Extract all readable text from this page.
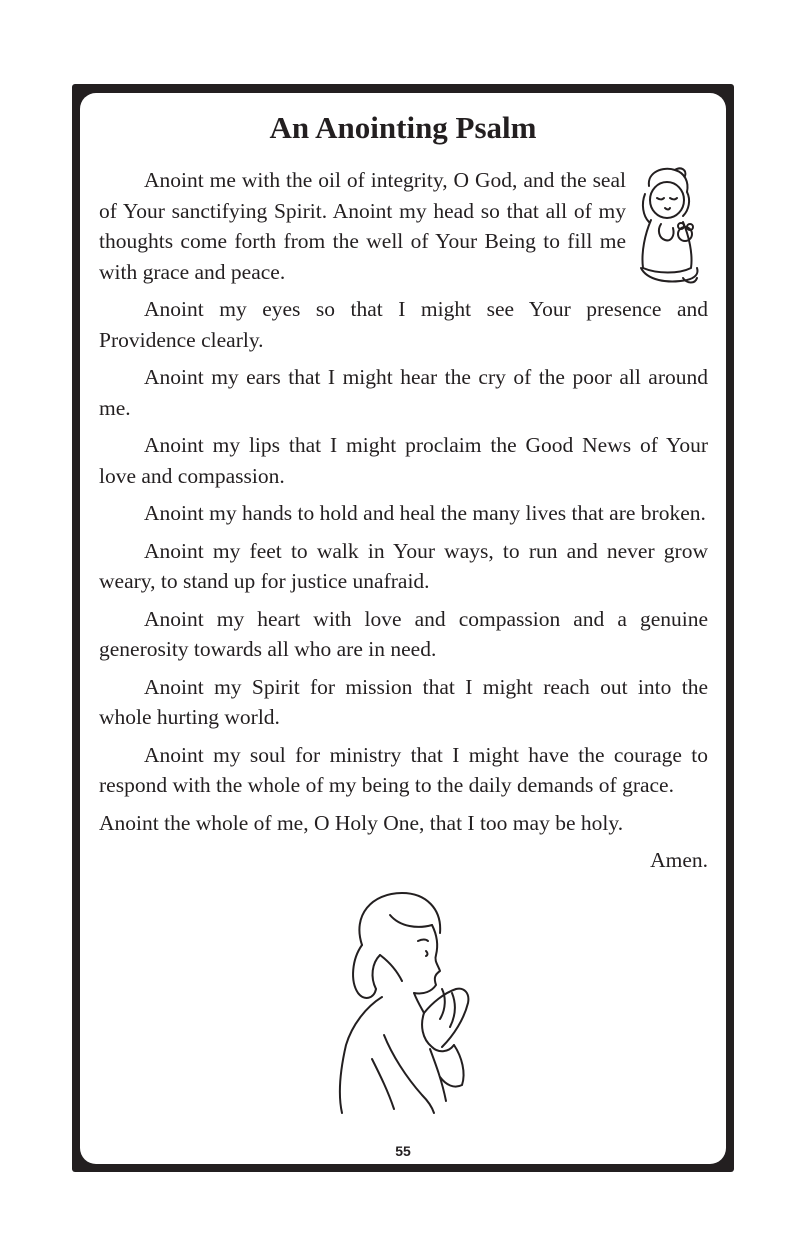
An Anointing Psalm

Anoint me with the oil of integrity, O God, and the seal of Your sanctifying Spirit. Anoint my head so that all of my thoughts come forth from the well of Your Being to fill me with grace and peace.

Anoint my eyes so that I might see Your presence and Providence clearly.

Anoint my ears that I might hear the cry of the poor all around me.

Anoint my lips that I might proclaim the Good News of Your love and compassion.

Anoint my hands to hold and heal the many lives that are broken.

Anoint my feet to walk in Your ways, to run and never grow weary, to stand up for justice unafraid.

Anoint my heart with love and compassion and a genuine generosity towards all who are in need.

Anoint my Spirit for mission that I might reach out into the whole hurting world.

Anoint my soul for ministry that I might have the courage to respond with the whole of my being to the daily demands of grace.

Anoint the whole of me, O Holy One, that I too may be holy.

Amen.

55
